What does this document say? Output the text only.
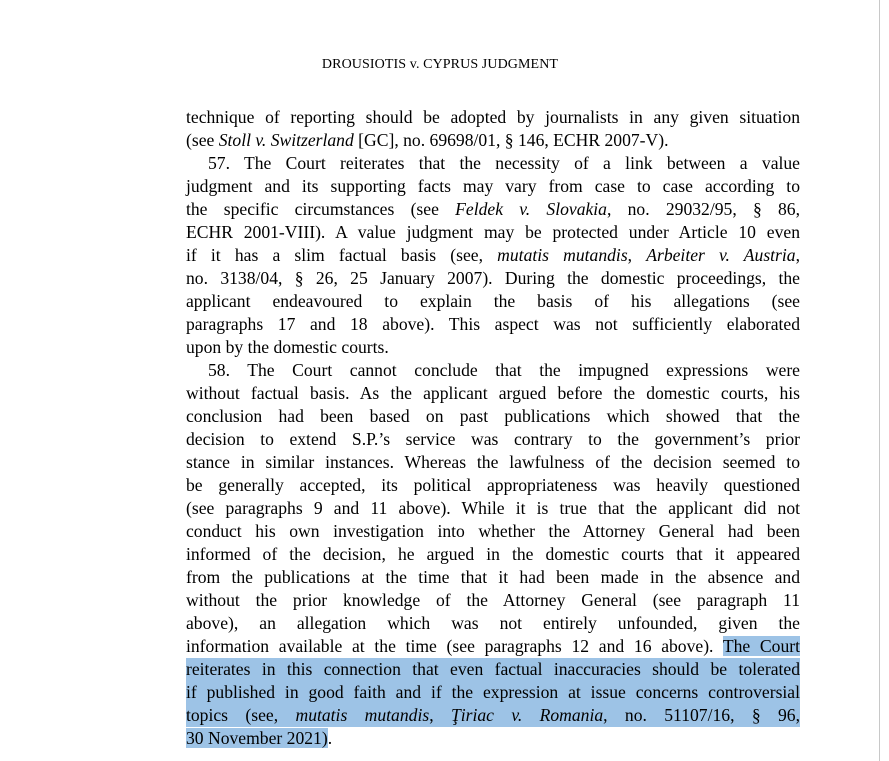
DROUSIOTIS v. CYPRUS JUDGMENT
technique of reporting should be adopted by journalists in any given situation
(see Stoll v. Switzerland [GC], no. 69698/01, § 146, ECHR 2007-V).
57. The Court reiterates that the necessity of a link between a value
judgment and its supporting facts may vary from case to case according to
the specific circumstances (see Feldek v. Slovakia, no. 29032/95, § 86,
ECHR 2001-VIII). A value judgment may be protected under Article 10 even
if it has a slim factual basis (see, mutatis mutandis, Arbeiter v. Austria,
no. 3138/04, § 26, 25 January 2007). During the domestic proceedings, the
applicant endeavoured to explain the basis of his allegations (see
paragraphs 17 and 18 above). This aspect was not sufficiently elaborated
upon by the domestic courts.
58. The Court cannot conclude that the impugned expressions were
without factual basis. As the applicant argued before the domestic courts, his
conclusion had been based on past publications which showed that the
decision to extend S.P.’s service was contrary to the government’s prior
stance in similar instances. Whereas the lawfulness of the decision seemed to
be generally accepted, its political appropriateness was heavily questioned
(see paragraphs 9 and 11 above). While it is true that the applicant did not
conduct his own investigation into whether the Attorney General had been
informed of the decision, he argued in the domestic courts that it appeared
from the publications at the time that it had been made in the absence and
without the prior knowledge of the Attorney General (see paragraph 11
above), an allegation which was not entirely unfounded, given the
information available at the time (see paragraphs 12 and 16 above). The Court
reiterates in this connection that even factual inaccuracies should be tolerated
if published in good faith and if the expression at issue concerns controversial
topics (see, mutatis mutandis, Ţiriac v. Romania, no. 51107/16, § 96,
30 November 2021).
